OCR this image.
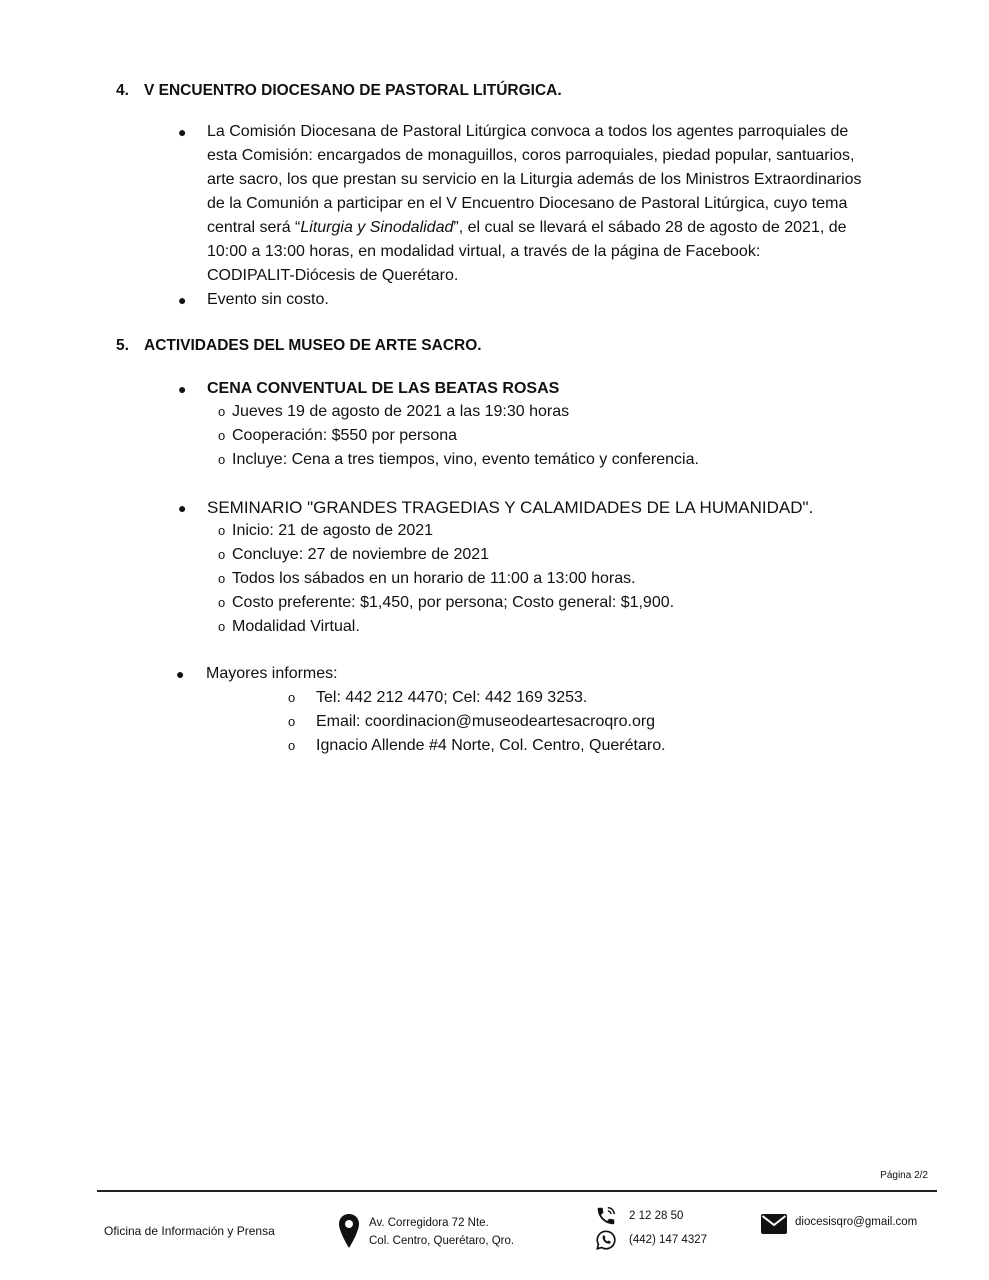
4. V ENCUENTRO DIOCESANO DE PASTORAL LITÚRGICA.
● La Comisión Diocesana de Pastoral Litúrgica convoca a todos los agentes parroquiales de
esta Comisión: encargados de monaguillos, coros parroquiales, piedad popular, santuarios,
arte sacro, los que prestan su servicio en la Liturgia además de los Ministros Extraordinarios
de la Comunión a participar en el V Encuentro Diocesano de Pastoral Litúrgica, cuyo tema
central será “Liturgia y Sinodalidad”, el cual se llevará el sábado 28 de agosto de 2021, de
10:00 a 13:00 horas, en modalidad virtual, a través de la página de Facebook:
CODIPALIT-Diócesis de Querétaro.
● Evento sin costo.
5. ACTIVIDADES DEL MUSEO DE ARTE SACRO.
● CENA CONVENTUAL DE LAS BEATAS ROSAS
o Jueves 19 de agosto de 2021 a las 19:30 horas
o Cooperación: $550 por persona
o Incluye: Cena a tres tiempos, vino, evento temático y conferencia.
● SEMINARIO "GRANDES TRAGEDIAS Y CALAMIDADES DE LA HUMANIDAD".
o Inicio: 21 de agosto de 2021
o Concluye: 27 de noviembre de 2021
o Todos los sábados en un horario de 11:00 a 13:00 horas.
o Costo preferente: $1,450, por persona; Costo general: $1,900.
o Modalidad Virtual.
● Mayores informes:
o Tel: 442 212 4470; Cel: 442 169 3253.
o Email: coordinacion@museodeartesacroqro.org
o Ignacio Allende #4 Norte, Col. Centro, Querétaro.
Página 2/2
Oficina de Información y Prensa
Av. Corregidora 72 Nte.
Col. Centro, Querétaro, Qro.
2 12 28 50
(442) 147 4327
diocesisqro@gmail.com
